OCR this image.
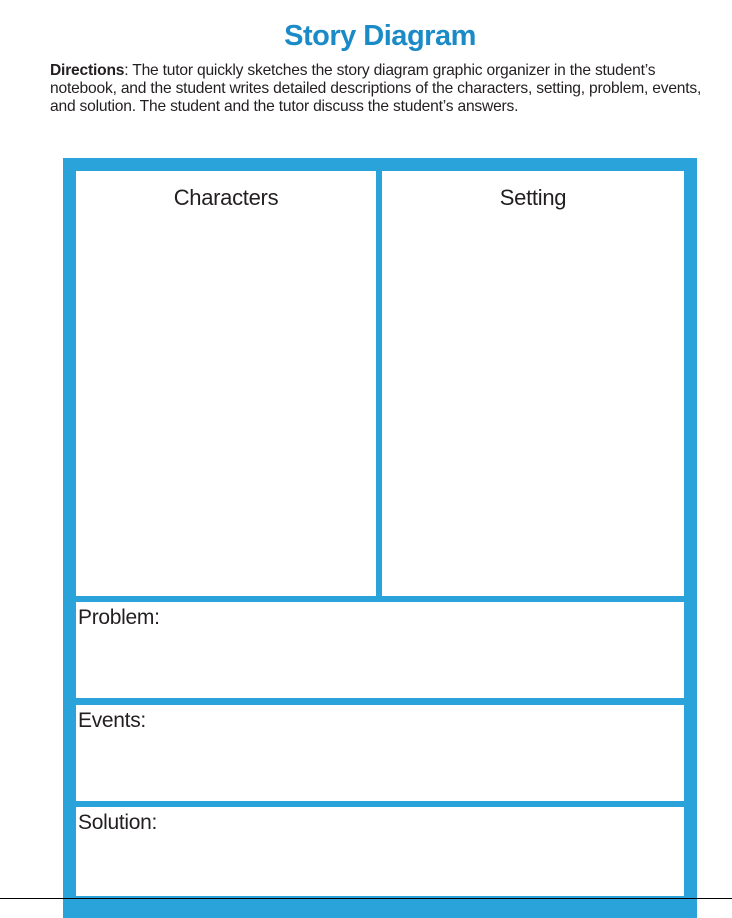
Story Diagram
Directions: The tutor quickly sketches the story diagram graphic organizer in the student’s notebook, and the student writes detailed descriptions of the characters, setting, problem, events, and solution. The student and the tutor discuss the student’s answers.
Characters	Setting
Problem:
Events:
Solution:
